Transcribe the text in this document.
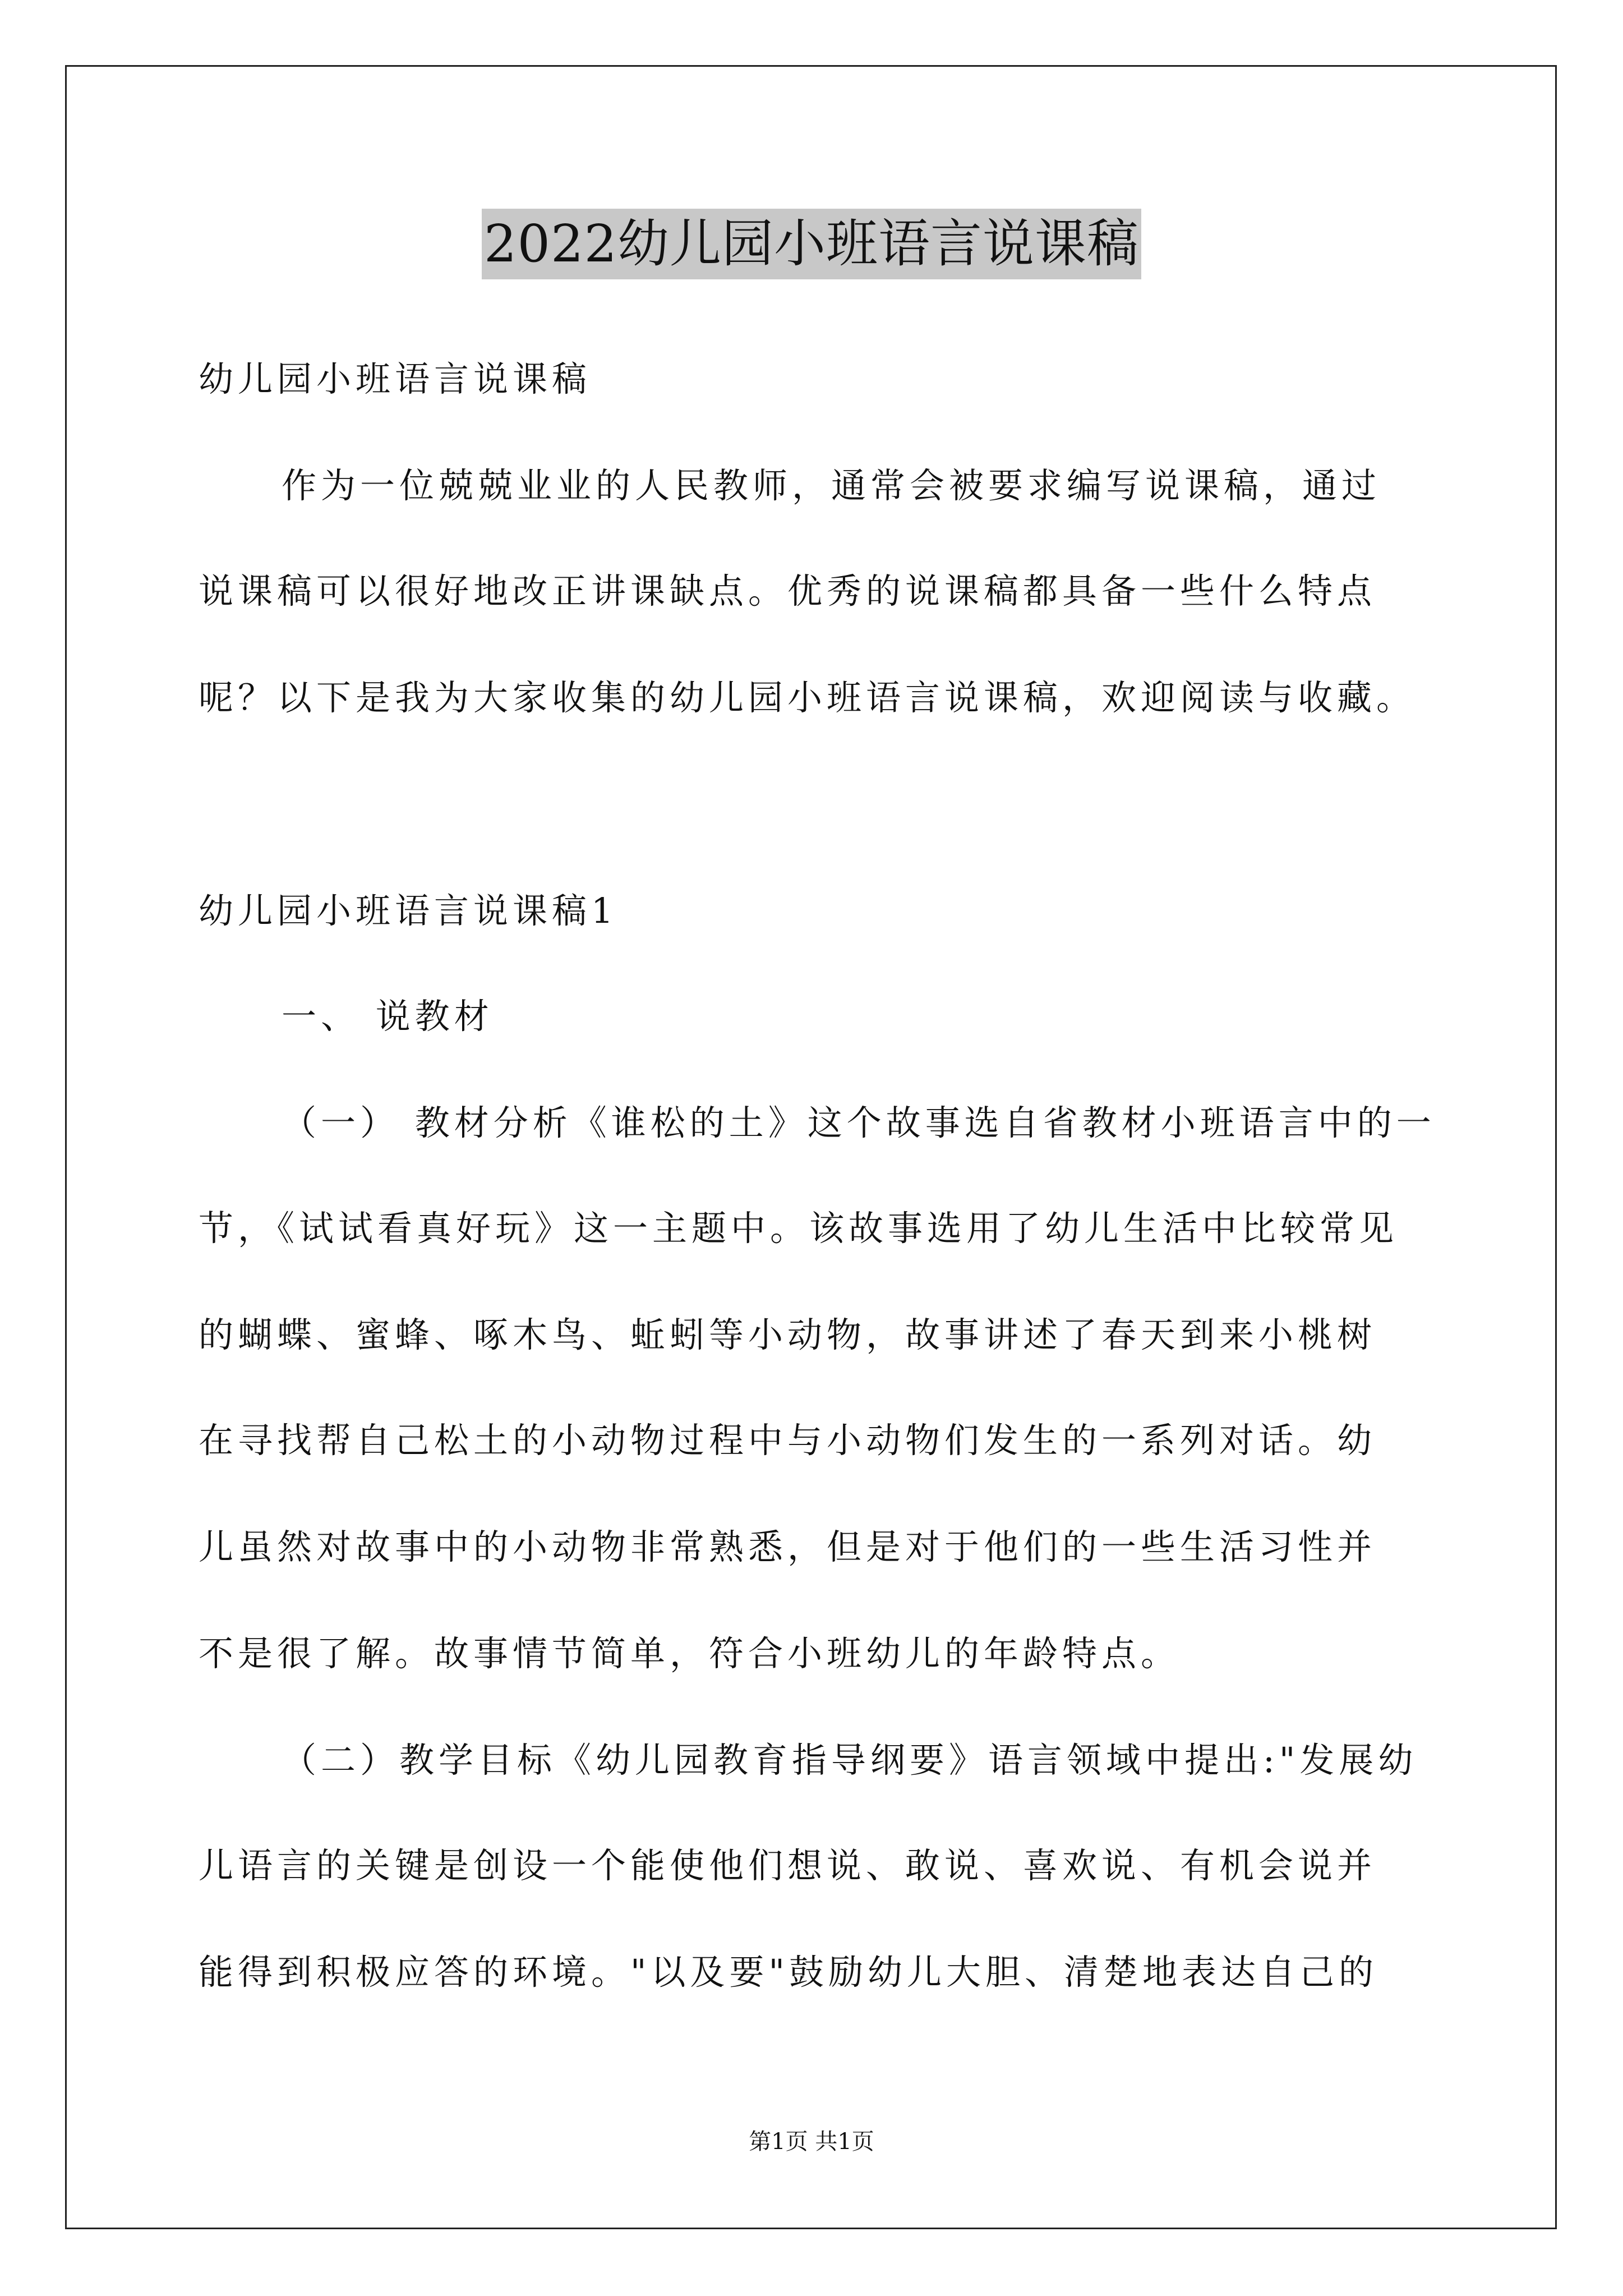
2022幼儿园小班语言说课稿
幼儿园小班语言说课稿
作为一位兢兢业业的人民教师，通常会被要求编写说课稿，通过
说课稿可以很好地改正讲课缺点。优秀的说课稿都具备一些什么特点
呢？以下是我为大家收集的幼儿园小班语言说课稿，欢迎阅读与收藏。
幼儿园小班语言说课稿1
一、 说教材
（一） 教材分析《谁松的土》这个故事选自省教材小班语言中的一
节，《试试看真好玩》这一主题中。该故事选用了幼儿生活中比较常见
的蝴蝶、蜜蜂、啄木鸟、蚯蚓等小动物，故事讲述了春天到来小桃树
在寻找帮自己松土的小动物过程中与小动物们发生的一系列对话。幼
儿虽然对故事中的小动物非常熟悉，但是对于他们的一些生活习性并
不是很了解。故事情节简单，符合小班幼儿的年龄特点。
（二）教学目标《幼儿园教育指导纲要》语言领域中提出:"发展幼
儿语言的关键是创设一个能使他们想说、敢说、喜欢说、有机会说并
能得到积极应答的环境。"以及要"鼓励幼儿大胆、清楚地表达自己的
第1页 共1页
